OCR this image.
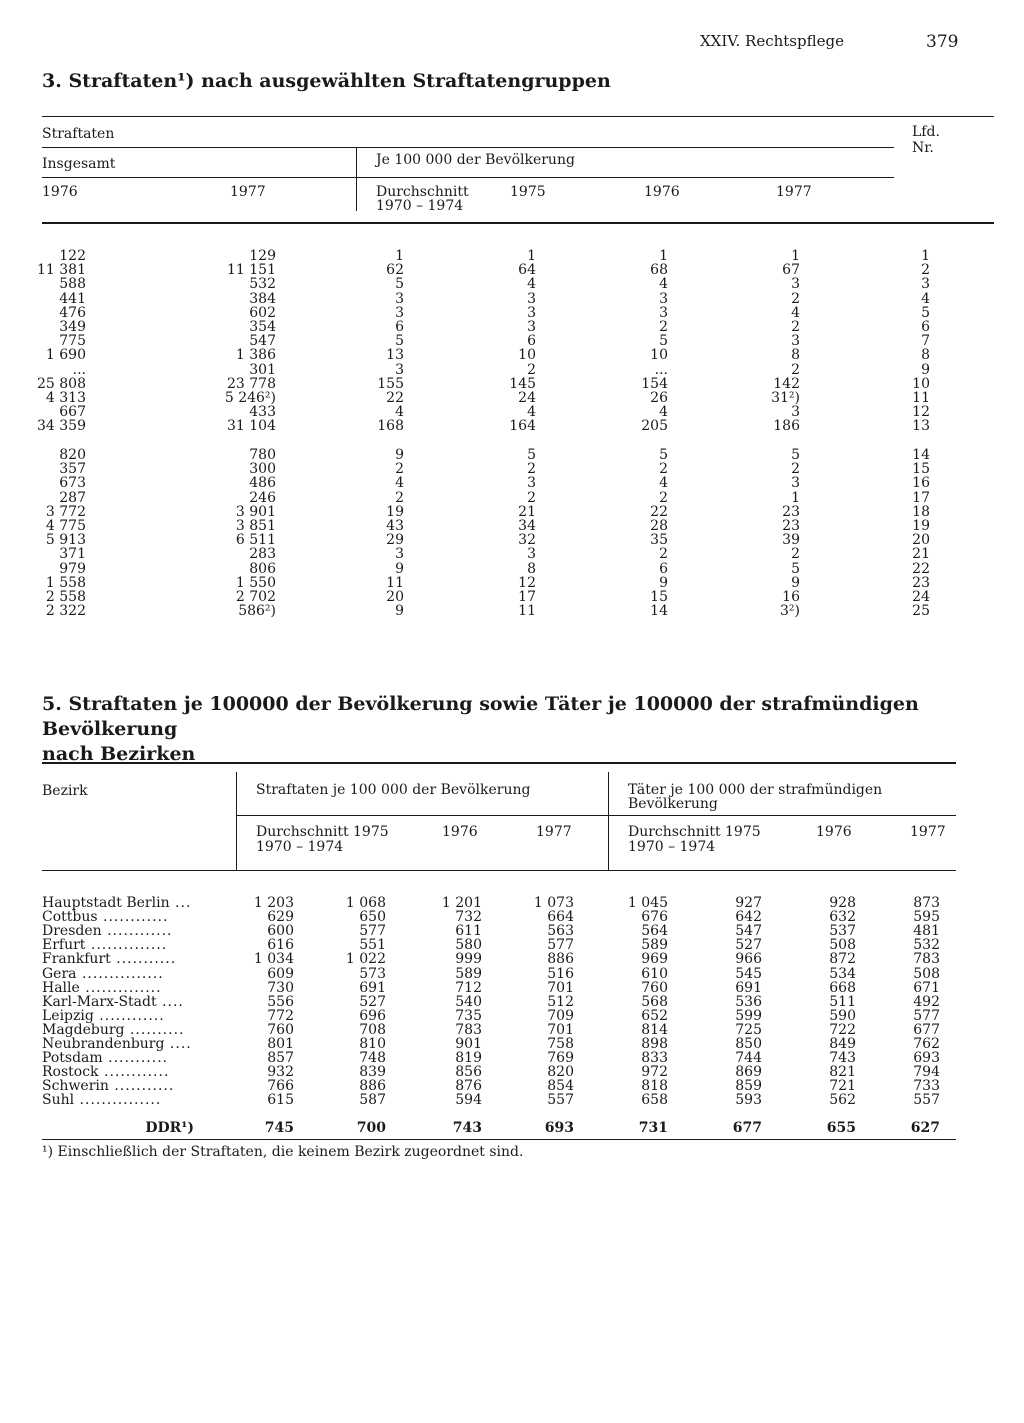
XXIV. Rechtspflege	379
3. Straftaten¹) nach ausgewählten Straftatengruppen
Straftaten	Lfd.
Nr.
Insgesamt	Je 100 000 der Bevölkerung
1976	1977	Durchschnitt
1970 – 1974
1975	1976	1977
122	129	1	1	1	1	1
11 381	11 151	62	64	68	67	2
588	532	5	4	4	3	3
441	384	3	3	3	2	4
476	602	3	3	3	4	5
349	354	6	3	2	2	6
775	547	5	6	5	3	7
1 690	1 386	13	10	10	8	8
...	301	3	2	...	2	9
25 808	23 778	155	145	154	142	10
4 313	5 246²)	22	24	26	31²)	11
667	433	4	4	4	3	12
34 359	31 104	168	164	205	186	13
820	780	9	5	5	5	14
357	300	2	2	2	2	15
673	486	4	3	4	3	16
287	246	2	2	2	1	17
3 772	3 901	19	21	22	23	18
4 775	3 851	43	34	28	23	19
5 913	6 511	29	32	35	39	20
371	283	3	3	2	2	21
979	806	9	8	6	5	22
1 558	1 550	11	12	9	9	23
2 558	2 702	20	17	15	16	24
2 322	586²)	9	11	14	3²)	25
5. Straftaten je 100000 der Bevölkerung sowie Täter je 100000 der strafmündigen Bevölkerung
nach Bezirken
Bezirk	Straftaten je 100 000 der Bevölkerung	Täter je 100 000 der strafmündigen
Bevölkerung
Durchschnitt 1975
1970 – 1974
1976	1977	Durchschnitt 1975
1970 – 1974
1976	1977
Hauptstadt Berlin ...	1 203	1 068	1 201	1 073	1 045	927	928	873
Cottbus ............	629	650	732	664	676	642	632	595
Dresden ............	600	577	611	563	564	547	537	481
Erfurt ..............	616	551	580	577	589	527	508	532
Frankfurt ...........	1 034	1 022	999	886	969	966	872	783
Gera ...............	609	573	589	516	610	545	534	508
Halle ..............	730	691	712	701	760	691	668	671
Karl-Marx-Stadt ....	556	527	540	512	568	536	511	492
Leipzig ............	772	696	735	709	652	599	590	577
Magdeburg ..........	760	708	783	701	814	725	722	677
Neubrandenburg ....	801	810	901	758	898	850	849	762
Potsdam ...........	857	748	819	769	833	744	743	693
Rostock ............	932	839	856	820	972	869	821	794
Schwerin ...........	766	886	876	854	818	859	721	733
Suhl ...............	615	587	594	557	658	593	562	557
DDR¹)	745	700	743	693	731	677	655	627
¹) Einschließlich der Straftaten, die keinem Bezirk zugeordnet sind.
